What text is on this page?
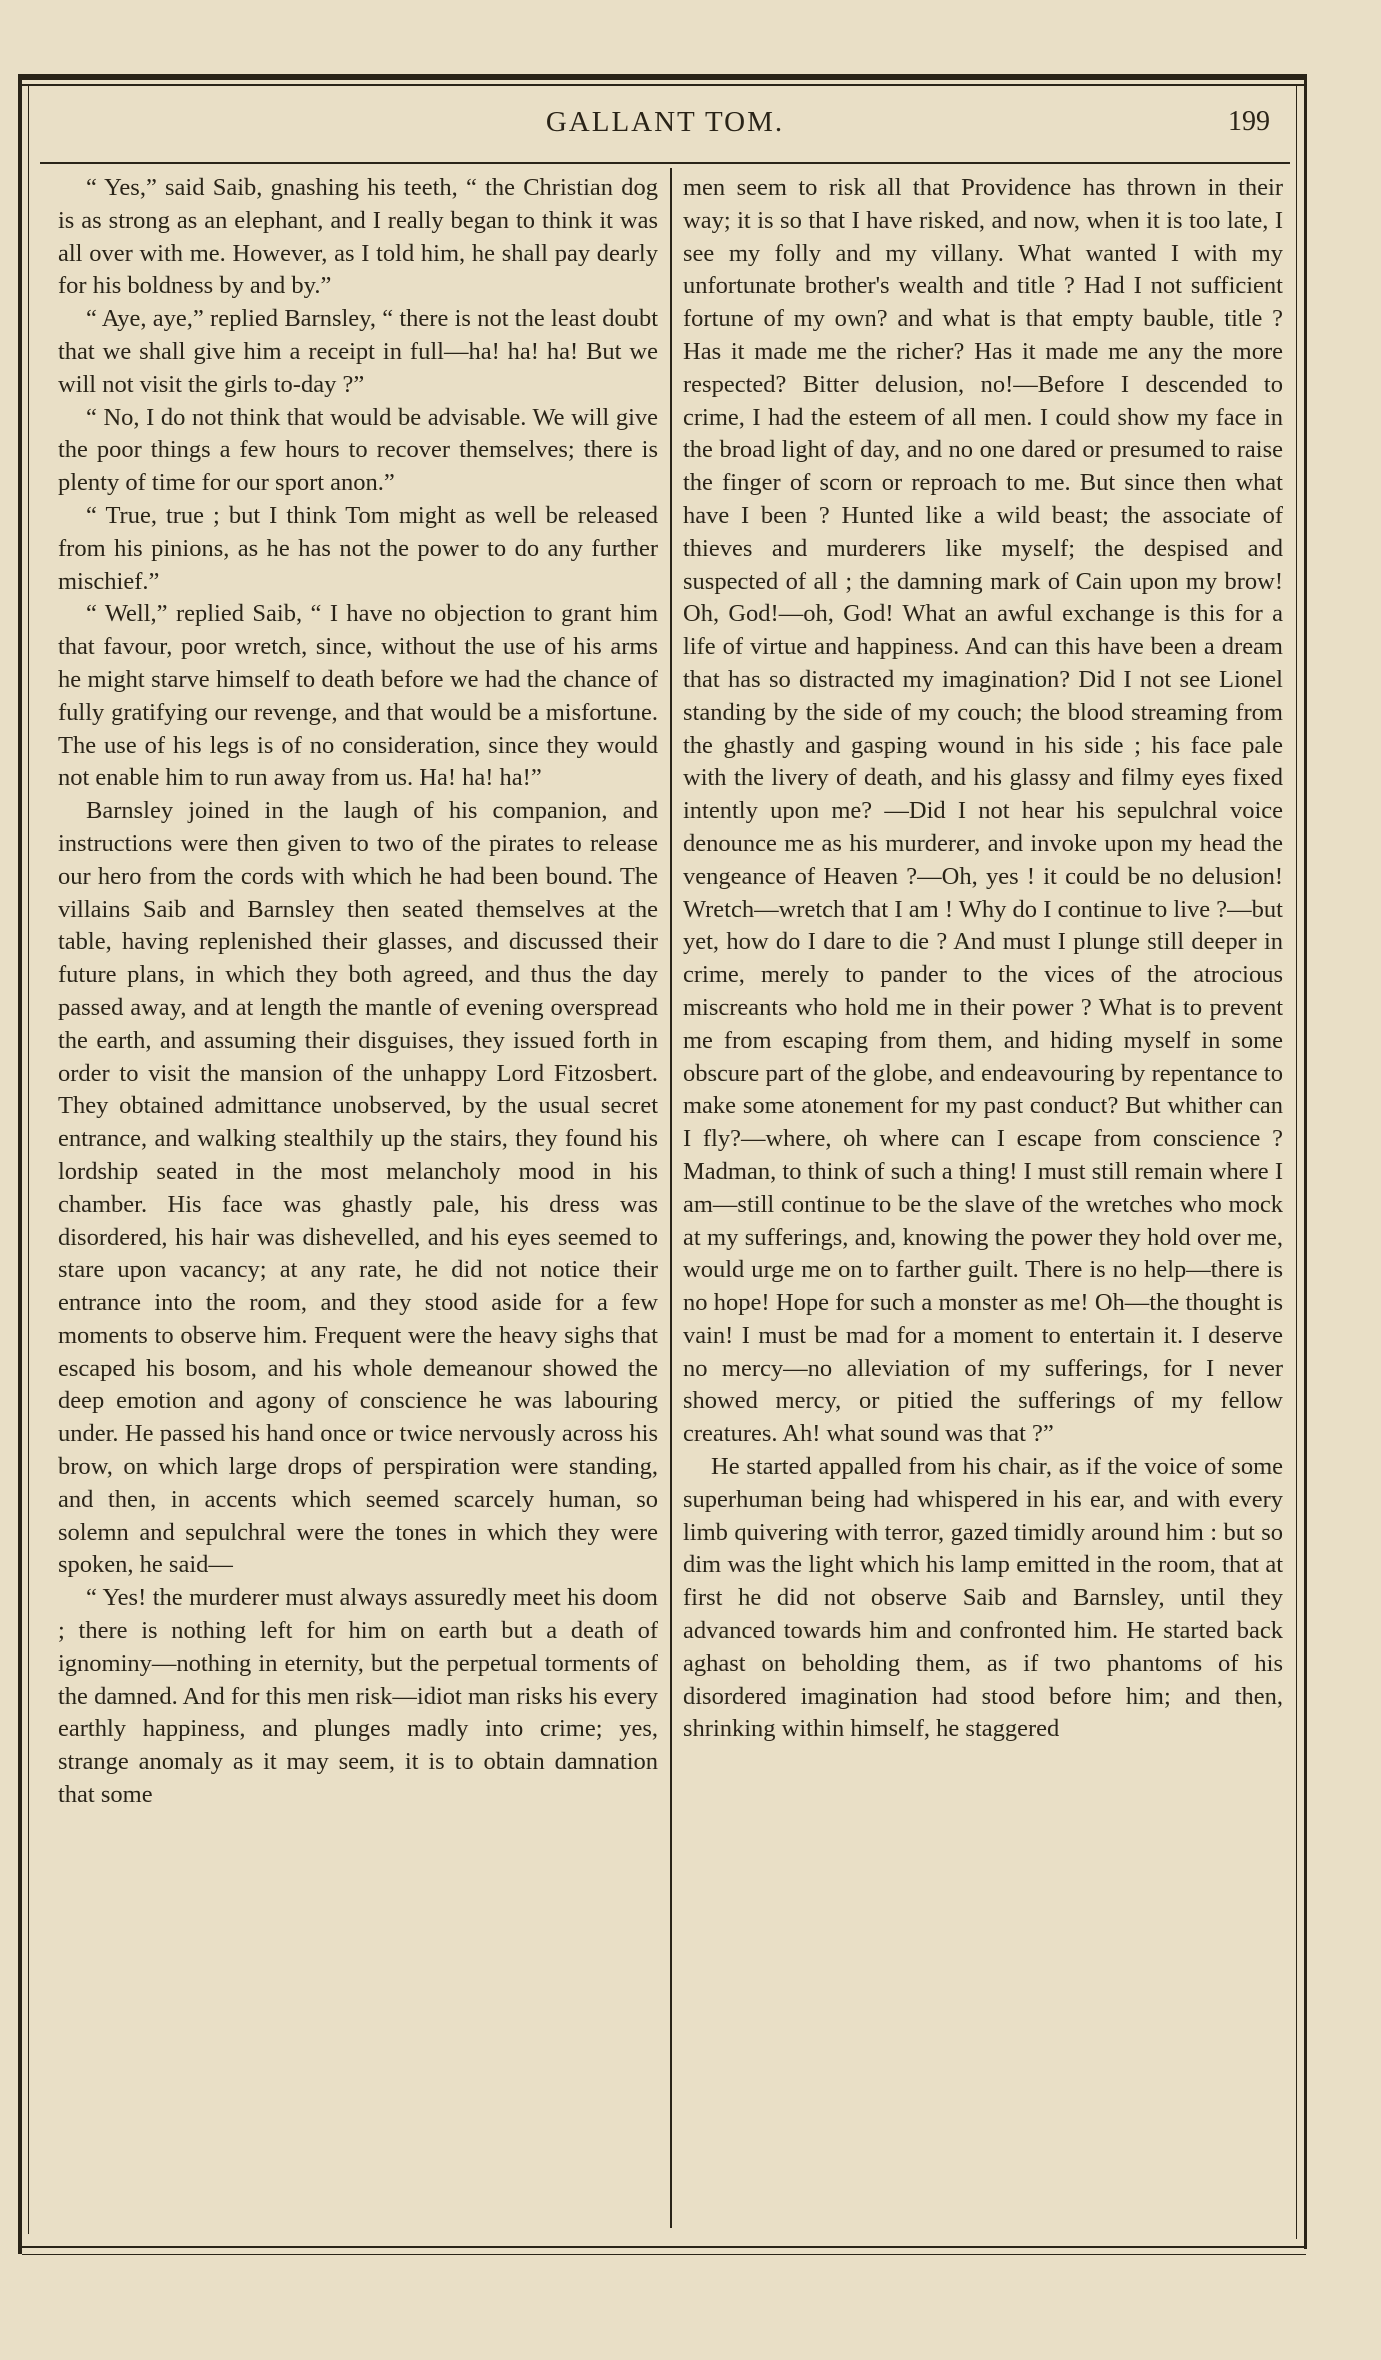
GALLANT TOM.	199

“ Yes,” said Saib, gnashing his teeth, “ the Christian dog is as strong as an elephant, and I really began to think it was all over with me. However, as I told him, he shall pay dearly for his boldness by and by.”

“ Aye, aye,” replied Barnsley, “ there is not the least doubt that we shall give him a receipt in full—ha! ha! ha! But we will not visit the girls to-day ?”

“ No, I do not think that would be advisable. We will give the poor things a few hours to recover themselves; there is plenty of time for our sport anon.”

“ True, true ; but I think Tom might as well be released from his pinions, as he has not the power to do any further mischief.”

“ Well,” replied Saib, “ I have no objection to grant him that favour, poor wretch, since, without the use of his arms he might starve himself to death before we had the chance of fully gratifying our revenge, and that would be a misfortune. The use of his legs is of no consideration, since they would not enable him to run away from us. Ha! ha! ha!”

Barnsley joined in the laugh of his companion, and instructions were then given to two of the pirates to release our hero from the cords with which he had been bound. The villains Saib and Barnsley then seated themselves at the table, having replenished their glasses, and discussed their future plans, in which they both agreed, and thus the day passed away, and at length the mantle of evening overspread the earth, and assuming their disguises, they issued forth in order to visit the mansion of the unhappy Lord Fitzosbert. They obtained admittance unobserved, by the usual secret entrance, and walking stealthily up the stairs, they found his lordship seated in the most melancholy mood in his chamber. His face was ghastly pale, his dress was disordered, his hair was dishevelled, and his eyes seemed to stare upon vacancy; at any rate, he did not notice their entrance into the room, and they stood aside for a few moments to observe him. Frequent were the heavy sighs that escaped his bosom, and his whole demeanour showed the deep emotion and agony of conscience he was labouring under. He passed his hand once or twice nervously across his brow, on which large drops of perspiration were standing, and then, in accents which seemed scarcely human, so solemn and sepulchral were the tones in which they were spoken, he said—

“ Yes! the murderer must always assuredly meet his doom ; there is nothing left for him on earth but a death of ignominy—nothing in eternity, but the perpetual torments of the damned. And for this men risk—idiot man risks his every earthly happiness, and plunges madly into crime; yes, strange anomaly as it may seem, it is to obtain damnation that some

men seem to risk all that Providence has thrown in their way; it is so that I have risked, and now, when it is too late, I see my folly and my villany. What wanted I with my unfortunate brother's wealth and title ? Had I not sufficient fortune of my own? and what is that empty bauble, title ? Has it made me the richer? Has it made me any the more respected? Bitter delusion, no!—Before I descended to crime, I had the esteem of all men. I could show my face in the broad light of day, and no one dared or presumed to raise the finger of scorn or reproach to me. But since then what have I been ? Hunted like a wild beast; the associate of thieves and murderers like myself; the despised and suspected of all ; the damning mark of Cain upon my brow! Oh, God!—oh, God! What an awful exchange is this for a life of virtue and happiness. And can this have been a dream that has so distracted my imagination? Did I not see Lionel standing by the side of my couch; the blood streaming from the ghastly and gasping wound in his side ; his face pale with the livery of death, and his glassy and filmy eyes fixed intently upon me? —Did I not hear his sepulchral voice denounce me as his murderer, and invoke upon my head the vengeance of Heaven ?—Oh, yes ! it could be no delusion! Wretch—wretch that I am ! Why do I continue to live ?—but yet, how do I dare to die ? And must I plunge still deeper in crime, merely to pander to the vices of the atrocious miscreants who hold me in their power ? What is to prevent me from escaping from them, and hiding myself in some obscure part of the globe, and endeavouring by repentance to make some atonement for my past conduct? But whither can I fly?—where, oh where can I escape from conscience ? Madman, to think of such a thing! I must still remain where I am—still continue to be the slave of the wretches who mock at my sufferings, and, knowing the power they hold over me, would urge me on to farther guilt. There is no help—there is no hope! Hope for such a monster as me! Oh—the thought is vain! I must be mad for a moment to entertain it. I deserve no mercy—no alleviation of my sufferings, for I never showed mercy, or pitied the sufferings of my fellow creatures. Ah! what sound was that ?”

He started appalled from his chair, as if the voice of some superhuman being had whispered in his ear, and with every limb quivering with terror, gazed timidly around him : but so dim was the light which his lamp emitted in the room, that at first he did not observe Saib and Barnsley, until they advanced towards him and confronted him. He started back aghast on beholding them, as if two phantoms of his disordered imagination had stood before him; and then, shrinking within himself, he staggered
